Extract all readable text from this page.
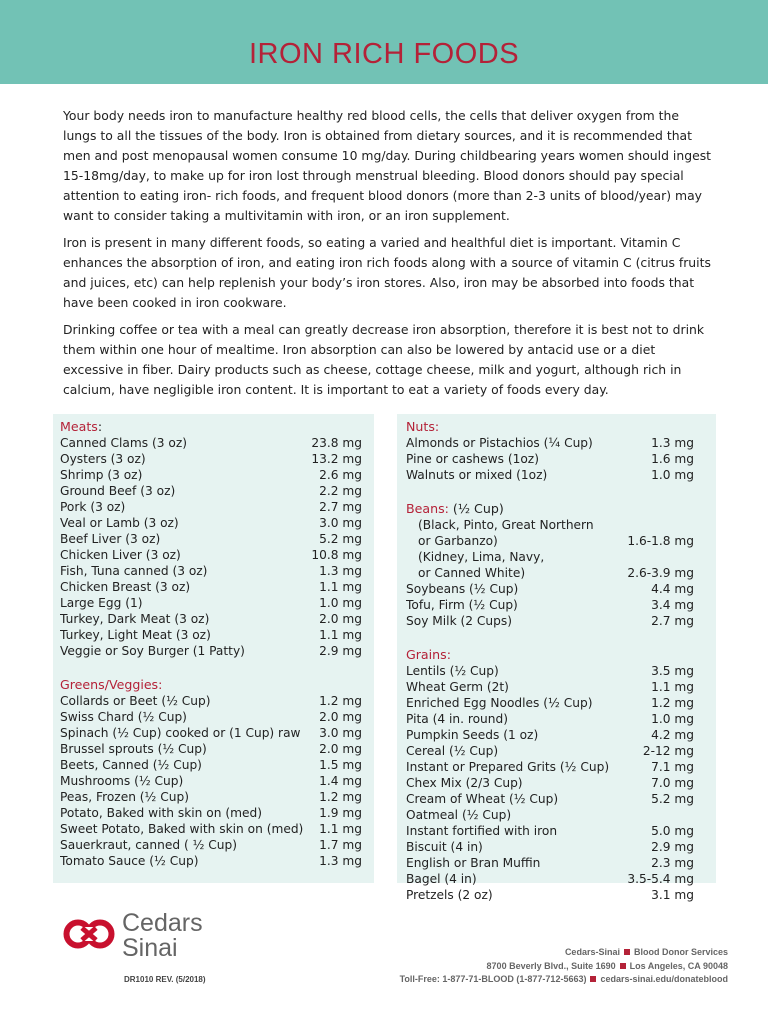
IRON RICH FOODS

Your body needs iron to manufacture healthy red blood cells, the cells that deliver oxygen from the lungs to all the tissues of the body. Iron is obtained from dietary sources, and it is recommended that men and post menopausal women consume 10 mg/day. During childbearing years women should ingest 15-18mg/day, to make up for iron lost through menstrual bleeding. Blood donors should pay special attention to eating iron- rich foods, and frequent blood donors (more than 2-3 units of blood/year) may want to consider taking a multivitamin with iron, or an iron supplement.

Iron is present in many different foods, so eating a varied and healthful diet is important. Vitamin C enhances the absorption of iron, and eating iron rich foods along with a source of vitamin C (citrus fruits and juices, etc) can help replenish your body’s iron stores. Also, iron may be absorbed into foods that have been cooked in iron cookware.

Drinking coffee or tea with a meal can greatly decrease iron absorption, therefore it is best not to drink them within one hour of mealtime. Iron absorption can also be lowered by antacid use or a diet excessive in fiber. Dairy products such as cheese, cottage cheese, milk and yogurt, although rich in calcium, have negligible iron content. It is important to eat a variety of foods every day.

Meats:
Canned Clams (3 oz)	23.8 mg
Oysters (3 oz)	13.2 mg
Shrimp (3 oz)	2.6 mg
Ground Beef (3 oz)	2.2 mg
Pork (3 oz)	2.7 mg
Veal or Lamb (3 oz)	3.0 mg
Beef Liver (3 oz)	5.2 mg
Chicken Liver (3 oz)	10.8 mg
Fish, Tuna canned (3 oz)	1.3 mg
Chicken Breast (3 oz)	1.1 mg
Large Egg (1)	1.0 mg
Turkey, Dark Meat (3 oz)	2.0 mg
Turkey, Light Meat (3 oz)	1.1 mg
Veggie or Soy Burger (1 Patty)	2.9 mg
Greens/Veggies:
Collards or Beet (½ Cup)	1.2 mg
Swiss Chard (½ Cup)	2.0 mg
Spinach (½ Cup) cooked or (1 Cup) raw	3.0 mg
Brussel sprouts (½ Cup)	2.0 mg
Beets, Canned (½ Cup)	1.5 mg
Mushrooms (½ Cup)	1.4 mg
Peas, Frozen (½ Cup)	1.2 mg
Potato, Baked with skin on (med)	1.9 mg
Sweet Potato, Baked with skin on (med)	1.1 mg
Sauerkraut, canned ( ½ Cup)	1.7 mg
Tomato Sauce (½ Cup)	1.3 mg
Nuts:
Almonds or Pistachios (¼ Cup)	1.3 mg
Pine or cashews (1oz)	1.6 mg
Walnuts or mixed (1oz)	1.0 mg
Beans: (½ Cup)
(Black, Pinto, Great Northern
or Garbanzo)	1.6-1.8 mg
(Kidney, Lima, Navy,
or Canned White)	2.6-3.9 mg
Soybeans (½ Cup)	4.4 mg
Tofu, Firm (½ Cup)	3.4 mg
Soy Milk (2 Cups)	2.7 mg
Grains:
Lentils (½ Cup)	3.5 mg
Wheat Germ (2t)	1.1 mg
Enriched Egg Noodles (½ Cup)	1.2 mg
Pita (4 in. round)	1.0 mg
Pumpkin Seeds (1 oz)	4.2 mg
Cereal (½ Cup)	2-12 mg
Instant or Prepared Grits (½ Cup)	7.1 mg
Chex Mix (2/3 Cup)	7.0 mg
Cream of Wheat (½ Cup)	5.2 mg
Oatmeal (½ Cup)
Instant fortified with iron	5.0 mg
Biscuit (4 in)	2.9 mg
English or Bran Muffin	2.3 mg
Bagel (4 in)	3.5-5.4 mg
Pretzels (2 oz)	3.1 mg
Cedars
Sinai
DR1010 REV. (5/2018)
Cedars-Sinai Blood Donor Services
8700 Beverly Blvd., Suite 1690 Los Angeles, CA 90048
Toll-Free: 1-877-71-BLOOD (1-877-712-5663) cedars-sinai.edu/donateblood
